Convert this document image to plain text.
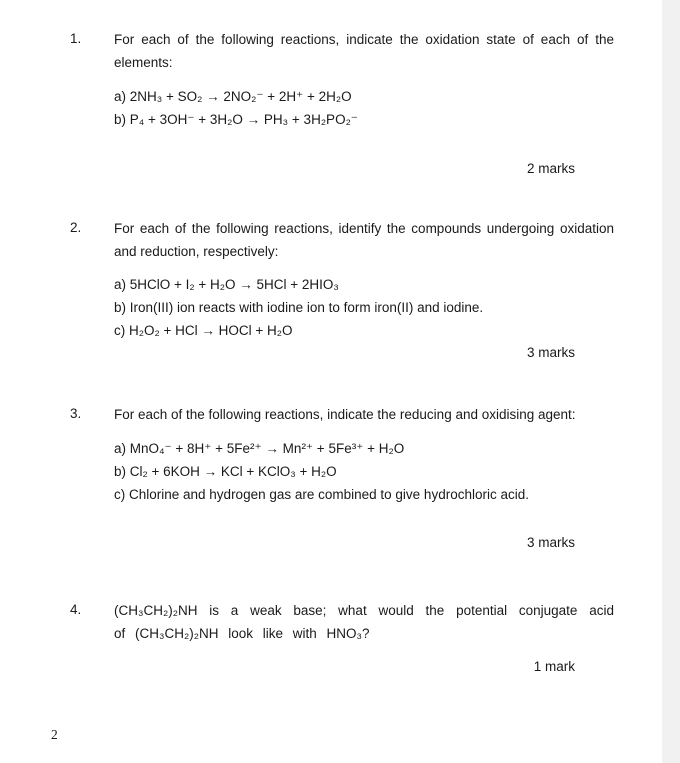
1. For each of the following reactions, indicate the oxidation state of each of the elements:
a) 2NH₃ + SO₂ → 2NO₂⁻ + 2H⁺ + 2H₂O
b) P₄ + 3OH⁻ + 3H₂O → PH₃ + 3H₂PO₂⁻
2 marks
2. For each of the following reactions, identify the compounds undergoing oxidation and reduction, respectively:
a) 5HClO + I₂ + H₂O → 5HCl + 2HIO₃
b) Iron(III) ion reacts with iodine ion to form iron(II) and iodine.
c) H₂O₂ + HCl → HOCl + H₂O
3 marks
3. For each of the following reactions, indicate the reducing and oxidising agent:
a) MnO₄⁻ + 8H⁺ + 5Fe²⁺ → Mn²⁺ + 5Fe³⁺ + H₂O
b) Cl₂ + 6KOH → KCl + KClO₃ + H₂O
c) Chlorine and hydrogen gas are combined to give hydrochloric acid.
3 marks
4. (CH₃CH₂)₂NH is a weak base; what would the potential conjugate acid of (CH₃CH₂)₂NH look like with HNO₃?
1 mark
2
